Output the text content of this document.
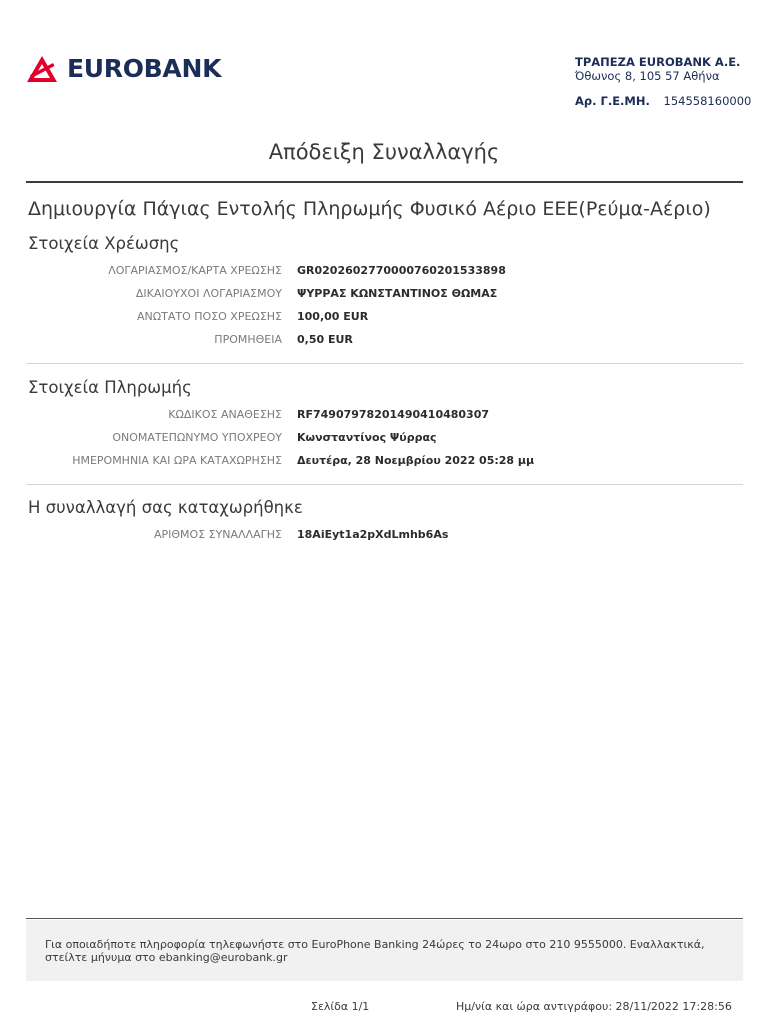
EUROBANK	ΤΡΑΠΕΖΑ EUROBANK Α.Ε.
Όθωνος 8, 105 57 Αθήνα
Αρ. Γ.Ε.ΜΗ. 154558160000
Απόδειξη Συναλλαγής
Δημιουργία Πάγιας Εντολής Πληρωμής Φυσικό Αέριο ΕΕΕ(Ρεύμα-Αέριο)
Στοιχεία Χρέωσης
ΛΟΓΑΡΙΑΣΜΟΣ/ΚΑΡΤΑ ΧΡΕΩΣΗΣ GR0202602770000760201533898
ΔΙΚΑΙΟΥΧΟΙ ΛΟΓΑΡΙΑΣΜΟΥ ΨΥΡΡΑΣ ΚΩΝΣΤΑΝΤΙΝΟΣ ΘΩΜΑΣ
ΑΝΩΤΑΤΟ ΠΟΣΟ ΧΡΕΩΣΗΣ 100,00 EUR
ΠΡΟΜΗΘΕΙΑ 0,50 EUR
Στοιχεία Πληρωμής
ΚΩΔΙΚΟΣ ΑΝΑΘΕΣΗΣ RF7490797820149041048030​7
ΟΝΟΜΑΤΕΠΩΝΥΜΟ ΥΠΟΧΡΕΟΥ Κωνσταντίνος Ψύρρας
ΗΜΕΡΟΜΗΝΙΑ ΚΑΙ ΩΡΑ ΚΑΤΑΧΩΡΗΣΗΣ Δευτέρα, 28 Νοεμβρίου 2022 05:28 μμ
Η συναλλαγή σας καταχωρήθηκε
ΑΡΙΘΜΟΣ ΣΥΝΑΛΛΑΓΗΣ 18AiEyt1a2pXdLmhb6As
Για οποιαδήποτε πληροφορία τηλεφωνήστε στο EuroPhone Banking 24ώρες το 24ωρο στο 210 9555000. Εναλλακτικά, στείλτε μήνυμα στο ebanking@eurobank.gr
Σελίδα 1/1	Ημ/νία και ώρα αντιγράφου: 28/11/2022 17:28:56
